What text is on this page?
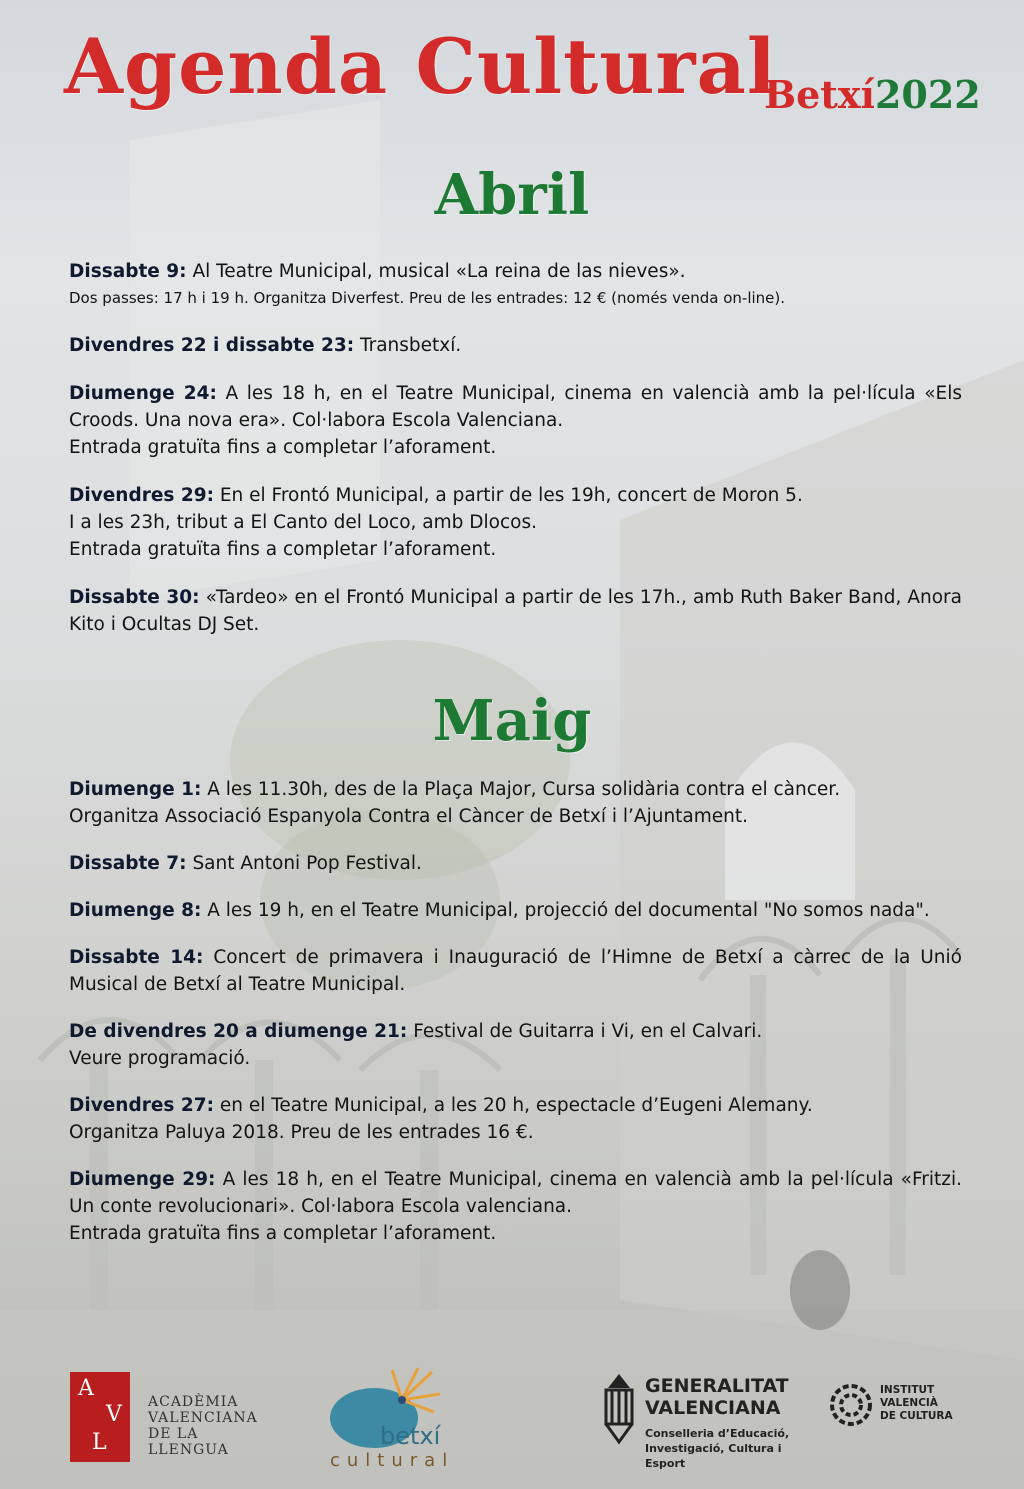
Agenda Cultural
Betxí2022
Abril

Dissabte 9: Al Teatre Municipal, musical «La reina de las nieves».
Dos passes: 17 h i 19 h. Organitza Diverfest. Preu de les entrades: 12 € (només venda on-line).

Divendres 22 i dissabte 23: Transbetxí.

Diumenge 24: A les 18 h, en el Teatre Municipal, cinema en valencià amb la pel·lícula «Els Croods. Una nova era». Col·labora Escola Valenciana.
Entrada gratuïta fins a completar l’aforament.

Divendres 29: En el Frontó Municipal, a partir de les 19h, concert de Moron 5.
I a les 23h, tribut a El Canto del Loco, amb Dlocos.
Entrada gratuïta fins a completar l’aforament.

Dissabte 30: «Tardeo» en el Frontó Municipal a partir de les 17h., amb Ruth Baker Band, Anora Kito i Ocultas DJ Set.

Maig

Diumenge 1: A les 11.30h, des de la Plaça Major, Cursa solidària contra el càncer.
Organitza Associació Espanyola Contra el Càncer de Betxí i l’Ajuntament.

Dissabte 7: Sant Antoni Pop Festival.

Diumenge 8: A les 19 h, en el Teatre Municipal, projecció del documental "No somos nada".

Dissabte 14: Concert de primavera i Inauguració de l’Himne de Betxí a càrrec de la Unió Musical de Betxí al Teatre Municipal.

De divendres 20 a diumenge 21: Festival de Guitarra i Vi, en el Calvari.
Veure programació.

Divendres 27: en el Teatre Municipal, a les 20 h, espectacle d’Eugeni Alemany.
Organitza Paluya 2018. Preu de les entrades 16 €.

Diumenge 29: A les 18 h, en el Teatre Municipal, cinema en valencià amb la pel·lícula «Fritzi. Un conte revolucionari». Col·labora Escola valenciana.
Entrada gratuïta fins a completar l’aforament.

A
V
L
ACADÈMIA
VALENCIANA
DE LA
LLENGUA	betxí
cultural
GENERALITAT
VALENCIANA
Conselleria d’Educació,
Investigació, Cultura i Esport
INSTITUT
VALENCIÀ
DE CULTURA
